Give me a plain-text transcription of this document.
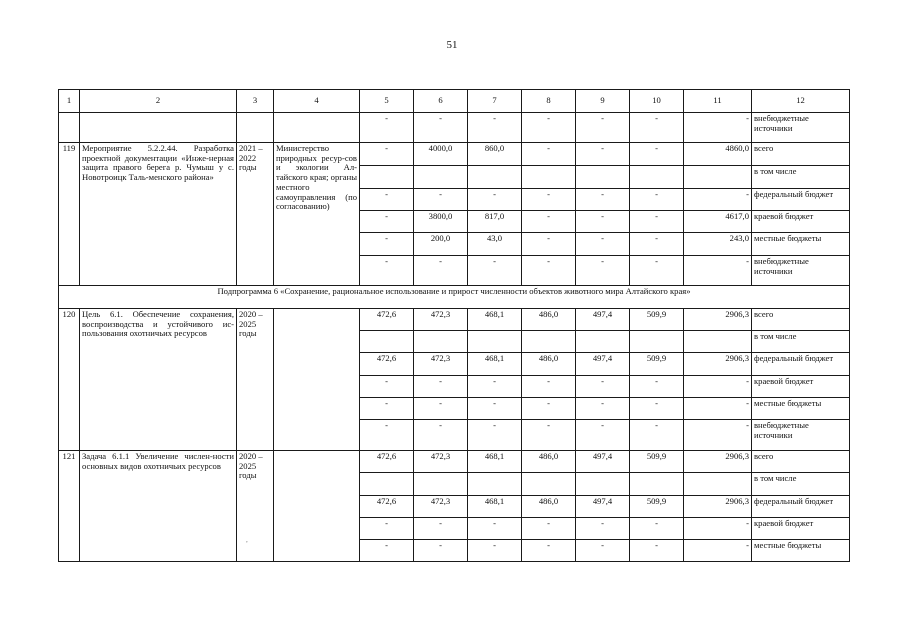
51
1	2	3	4	5	6	7	8	9	10	11	12
				-	-	-	-	-	-	-	внебюджетные источники
119	Мероприятие 5.2.2.44. Разработка проектной документации «Инже-нерная защита правого берега р. Чумыш у с. Новотроицк Таль-менского района»	2021 – 2022 годы	Министерство природных ресур-сов и экологии Ал-тайского края; органы местного самоуправления (по согласованию)	-	4000,0	860,0	-	-	-	4860,0	всего
											в том числе
				-	-	-	-	-	-	-	федеральный бюджет
				-	3800,0	817,0	-	-	-	4617,0	краевой бюджет
				-	200,0	43,0	-	-	-	243,0	местные бюджеты
				-	-	-	-	-	-	-	внебюджетные источники
Подпрограмма 6 «Сохранение, рациональное использование и прирост численности объектов животного мира Алтайского края»											
120	Цель 6.1. Обеспечение сохранения, воспроизводства и устойчивого ис-пользования охотничьих ресурсов	2020 – 2025 годы		472,6	472,3	468,1	486,0	497,4	509,9	2906,3	всего
											в том числе
				472,6	472,3	468,1	486,0	497,4	509,9	2906,3	федеральный бюджет
				-	-	-	-	-	-	-	краевой бюджет
				-	-	-	-	-	-	-	местные бюджеты
				-	-	-	-	-	-	-	внебюджетные источники
121	Задача 6.1.1 Увеличение числен-ности основных видов охотничьих ресурсов	2020 – 2025 годы		472,6	472,3	468,1	486,0	497,4	509,9	2906,3	всего
											в том числе
				472,6	472,3	468,1	486,0	497,4	509,9	2906,3	федеральный бюджет
				-	-	-	-	-	-	-	краевой бюджет
				-	-	-	-	-	-	-	местные бюджеты
,
